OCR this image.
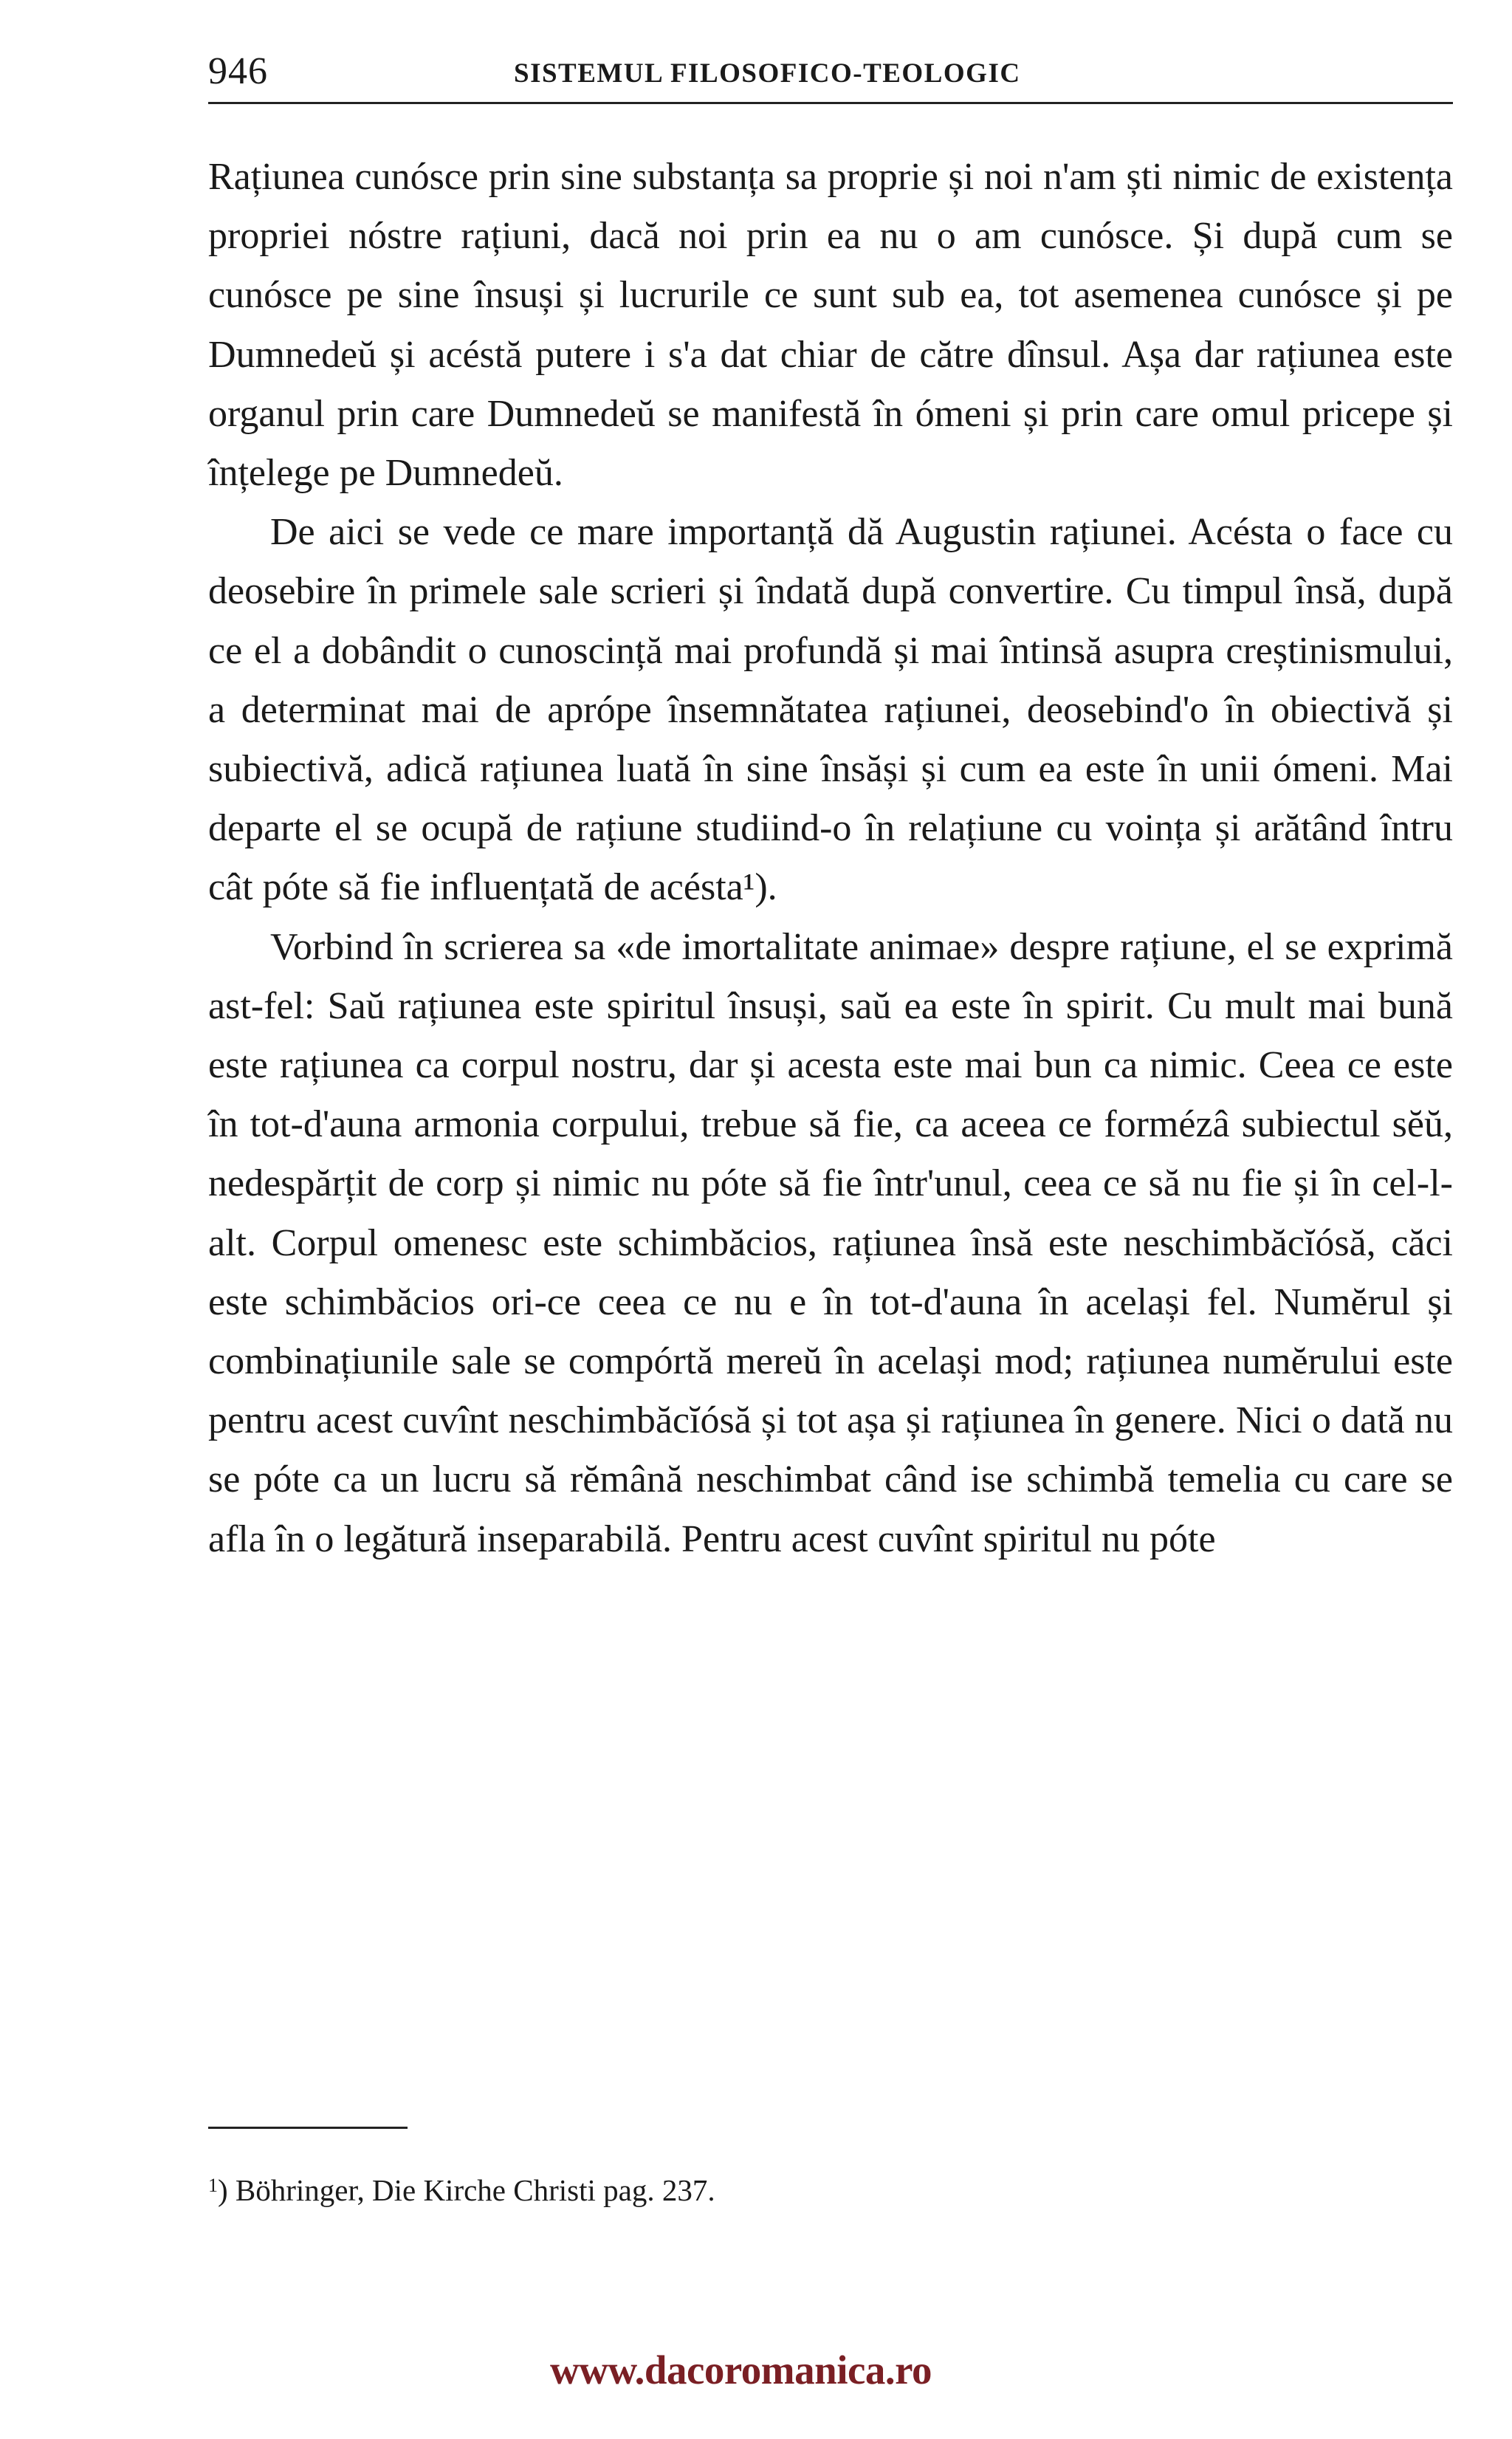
946	SISTEMUL FILOSOFICO-TEOLOGIC

Rațiunea cunósce prin sine substanța sa proprie și noi n'am ști nimic de existența propriei nóstre rațiuni, dacă noi prin ea nu o am cunósce. Și după cum se cunósce pe sine însuși și lucrurile ce sunt sub ea, tot asemenea cunósce și pe Dumnedeŭ și acéstă putere i s'a dat chiar de către dînsul. Așa dar rațiunea este organul prin care Dumnedeŭ se manifestă în ómeni și prin care omul pricepe și înțelege pe Dumnedeŭ.

De aici se vede ce mare importanță dă Augustin rațiunei. Acésta o face cu deosebire în primele sale scrieri și îndată după convertire. Cu timpul însă, după ce el a dobândit o cunoscință mai profundă și mai întinsă asupra creștinismului, a determinat mai de aprópe însemnătatea rațiunei, deosebind'o în obiectivă și subiectivă, adică rațiunea luată în sine însăși și cum ea este în unii ómeni. Mai departe el se ocupă de rațiune studiind-o în relațiune cu voința și arătând întru cât póte să fie influențată de acésta¹).

Vorbind în scrierea sa «de imortalitate animae» despre rațiune, el se exprimă ast-fel: Saŭ rațiunea este spiritul însuși, saŭ ea este în spirit. Cu mult mai bună este rațiunea ca corpul nostru, dar și acesta este mai bun ca nimic. Ceea ce este în tot-d'auna armonia corpului, trebue să fie, ca aceea ce formézâ subiectul sĕŭ, nedespărțit de corp și nimic nu póte să fie într'unul, ceea ce să nu fie și în cel-l-alt. Corpul omenesc este schimbăcios, rațiunea însă este neschimbăcĭósă, căci este schimbăcios ori-ce ceea ce nu e în tot-d'auna în același fel. Numĕrul și combinațiunile sale se compórtă mereŭ în același mod; rațiunea numĕrului este pentru acest cuvînt neschimbăcĭósă și tot așa și rațiunea în genere. Nici o dată nu se póte ca un lucru să rĕmână neschimbat când ise schimbă temelia cu care se afla în o legătură inseparabilă. Pentru acest cuvînt spiritul nu póte

$^1$) Böhringer, Die Kirche Christi pag. 237.
www.dacoromanica.ro
